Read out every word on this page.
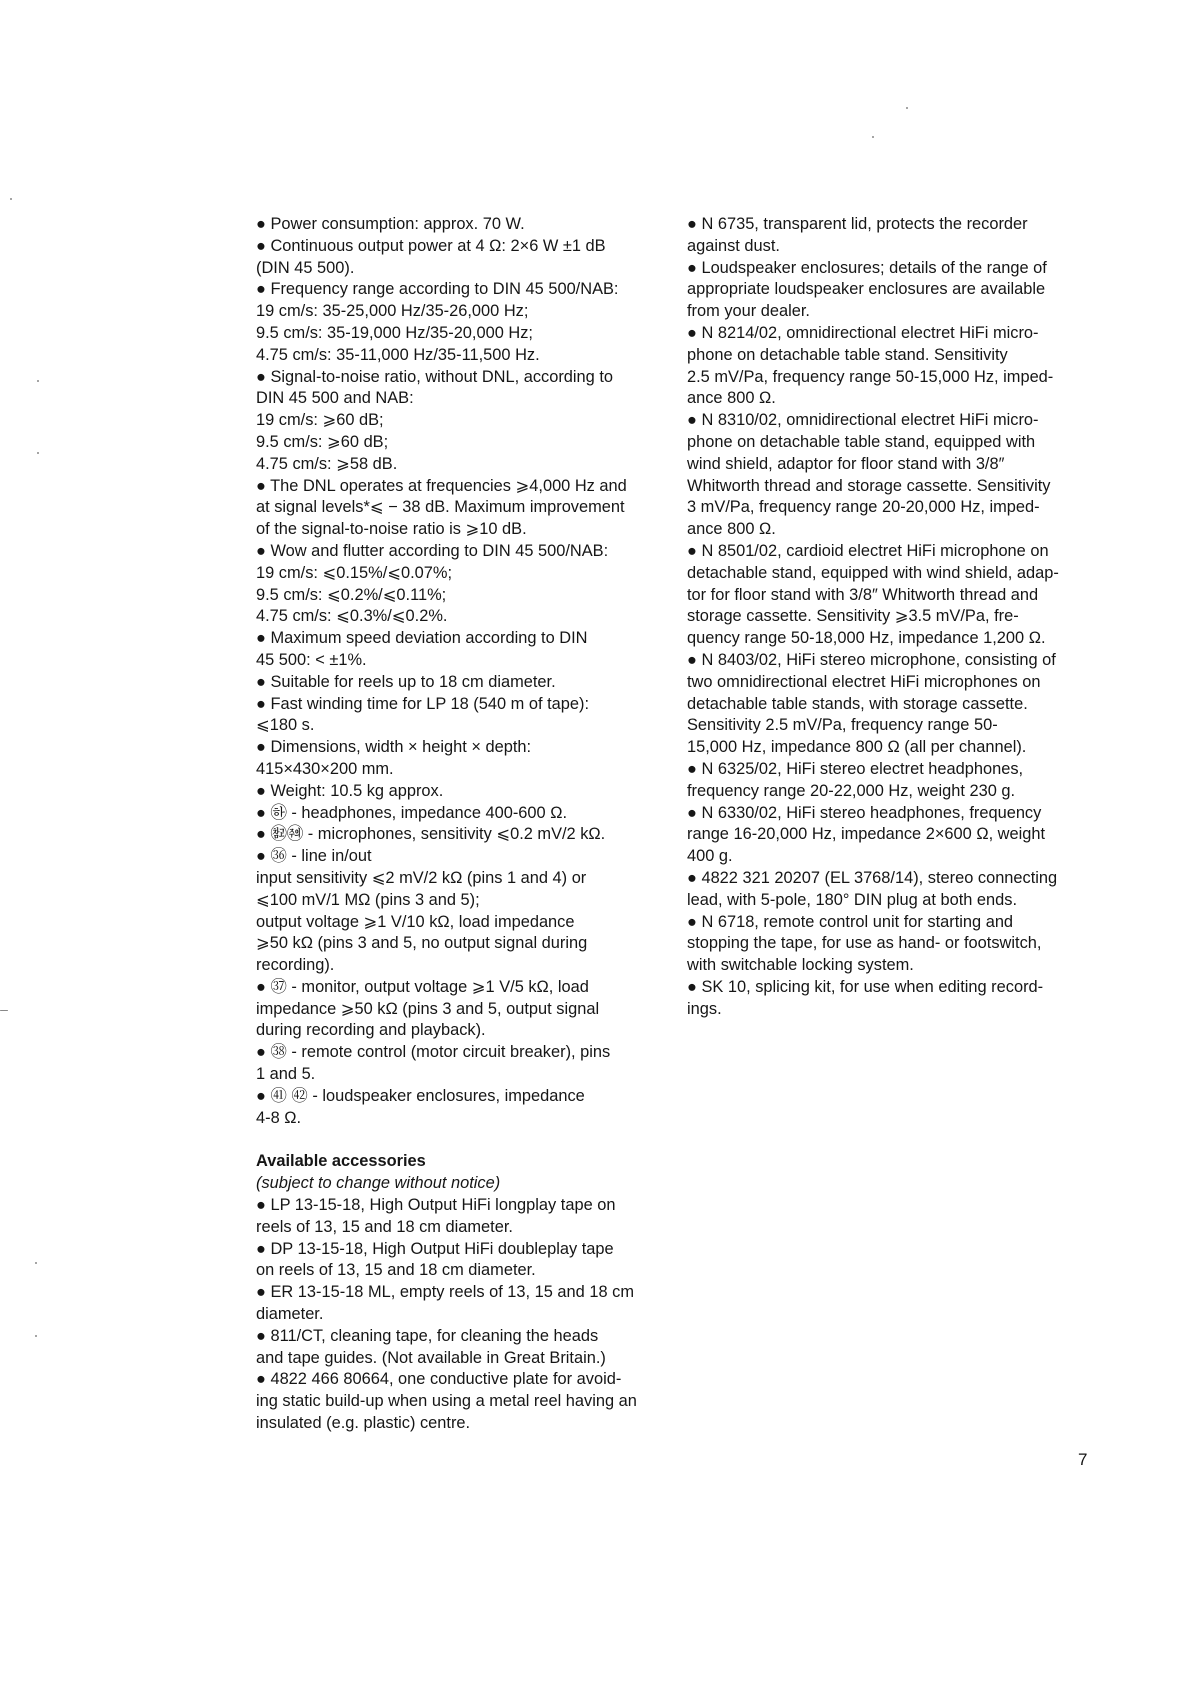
● Power consumption: approx. 70 W.
● Continuous output power at 4 Ω: 2×6 W ±1 dB
(DIN 45 500).
● Frequency range according to DIN 45 500/NAB:
19 cm/s: 35-25,000 Hz/35-26,000 Hz;
9.5 cm/s: 35-19,000 Hz/35-20,000 Hz;
4.75 cm/s: 35-11,000 Hz/35-11,500 Hz.
● Signal-to-noise ratio, without DNL, according to
DIN 45 500 and NAB:
19 cm/s: ⩾60 dB;
9.5 cm/s: ⩾60 dB;
4.75 cm/s: ⩾58 dB.
● The DNL operates at frequencies ⩾4,000 Hz and
at signal levels*⩽ − 38 dB. Maximum improvement
of the signal-to-noise ratio is ⩾10 dB.
● Wow and flutter according to DIN 45 500/NAB:
19 cm/s: ⩽0.15%/⩽0.07%;
9.5 cm/s: ⩽0.2%/⩽0.11%;
4.75 cm/s: ⩽0.3%/⩽0.2%.
● Maximum speed deviation according to DIN
45 500: < ±1%.
● Suitable for reels up to 18 cm diameter.
● Fast winding time for LP 18 (540 m of tape):
⩽180 s.
● Dimensions, width × height × depth:
415×430×200 mm.
● Weight: 10.5 kg approx.
● ㉻ - headphones, impedance 400-600 Ω.
● ㉼㉽ - microphones, sensitivity ⩽0.2 mV/2 kΩ.
● ㊱ - line in/out
input sensitivity ⩽2 mV/2 kΩ (pins 1 and 4) or
⩽100 mV/1 MΩ (pins 3 and 5);
output voltage ⩾1 V/10 kΩ, load impedance
⩾50 kΩ (pins 3 and 5, no output signal during
recording).
● ㊲ - monitor, output voltage ⩾1 V/5 kΩ, load
impedance ⩾50 kΩ (pins 3 and 5, output signal
during recording and playback).
● ㊳ - remote control (motor circuit breaker), pins
1 and 5.
● ㊶ ㊷ - loudspeaker enclosures, impedance
4-8 Ω.
Available accessories
(subject to change without notice)
● LP 13-15-18, High Output HiFi longplay tape on
reels of 13, 15 and 18 cm diameter.
● DP 13-15-18, High Output HiFi doubleplay tape
on reels of 13, 15 and 18 cm diameter.
● ER 13-15-18 ML, empty reels of 13, 15 and 18 cm
diameter.
● 811/CT, cleaning tape, for cleaning the heads
and tape guides. (Not available in Great Britain.)
● 4822 466 80664, one conductive plate for avoid-
ing static build-up when using a metal reel having an
insulated (e.g. plastic) centre.
● N 6735, transparent lid, protects the recorder
against dust.
● Loudspeaker enclosures; details of the range of
appropriate loudspeaker enclosures are available
from your dealer.
● N 8214/02, omnidirectional electret HiFi micro-
phone on detachable table stand. Sensitivity
2.5 mV/Pa, frequency range 50-15,000 Hz, imped-
ance 800 Ω.
● N 8310/02, omnidirectional electret HiFi micro-
phone on detachable table stand, equipped with
wind shield, adaptor for floor stand with 3/8″
Whitworth thread and storage cassette. Sensitivity
3 mV/Pa, frequency range 20-20,000 Hz, imped-
ance 800 Ω.
● N 8501/02, cardioid electret HiFi microphone on
detachable stand, equipped with wind shield, adap-
tor for floor stand with 3/8″ Whitworth thread and
storage cassette. Sensitivity ⩾3.5 mV/Pa, fre-
quency range 50-18,000 Hz, impedance 1,200 Ω.
● N 8403/02, HiFi stereo microphone, consisting of
two omnidirectional electret HiFi microphones on
detachable table stands, with storage cassette.
Sensitivity 2.5 mV/Pa, frequency range 50-
15,000 Hz, impedance 800 Ω (all per channel).
● N 6325/02, HiFi stereo electret headphones,
frequency range 20-22,000 Hz, weight 230 g.
● N 6330/02, HiFi stereo headphones, frequency
range 16-20,000 Hz, impedance 2×600 Ω, weight
400 g.
● 4822 321 20207 (EL 3768/14), stereo connecting
lead, with 5-pole, 180° DIN plug at both ends.
● N 6718, remote control unit for starting and
stopping the tape, for use as hand- or footswitch,
with switchable locking system.
● SK 10, splicing kit, for use when editing record-
ings.
7
